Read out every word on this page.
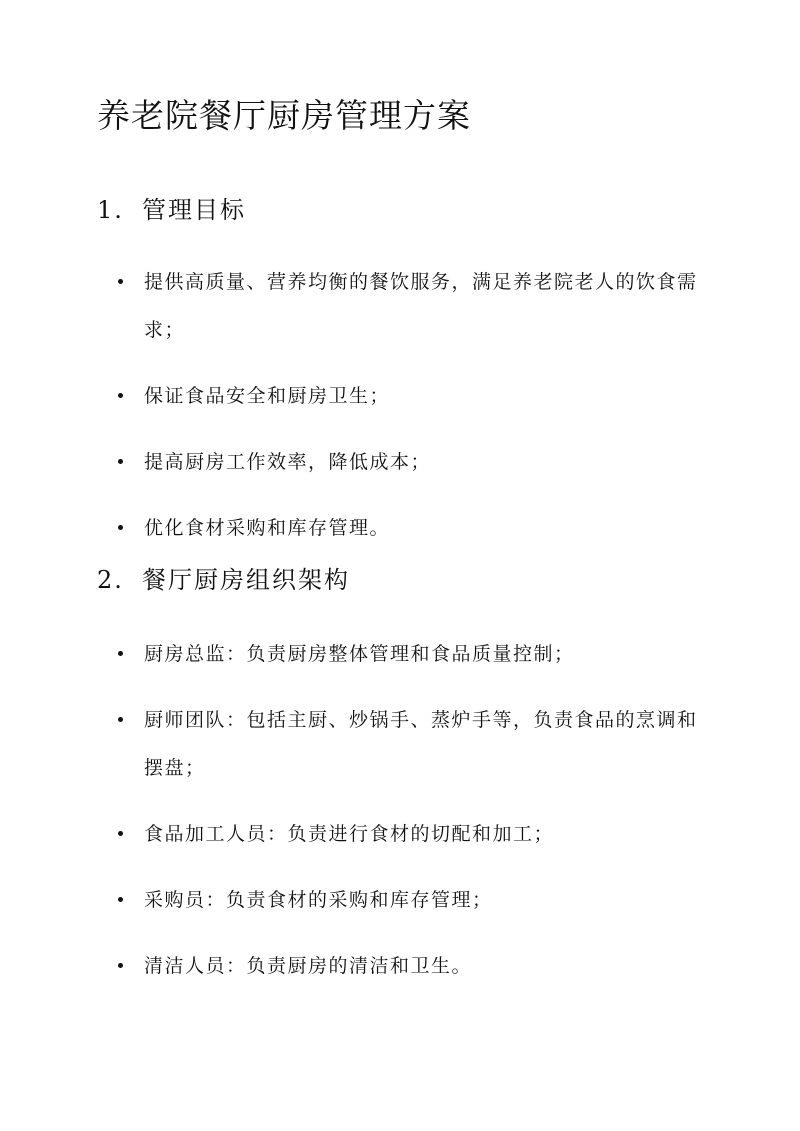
养老院餐厅厨房管理方案
1. 管理目标
提供高质量、营养均衡的餐饮服务，满足养老院老人的饮食需求；
保证食品安全和厨房卫生；
提高厨房工作效率，降低成本；
优化食材采购和库存管理。
2. 餐厅厨房组织架构
厨房总监：负责厨房整体管理和食品质量控制；
厨师团队：包括主厨、炒锅手、蒸炉手等，负责食品的烹调和摆盘；
食品加工人员：负责进行食材的切配和加工；
采购员：负责食材的采购和库存管理；
清洁人员：负责厨房的清洁和卫生。
